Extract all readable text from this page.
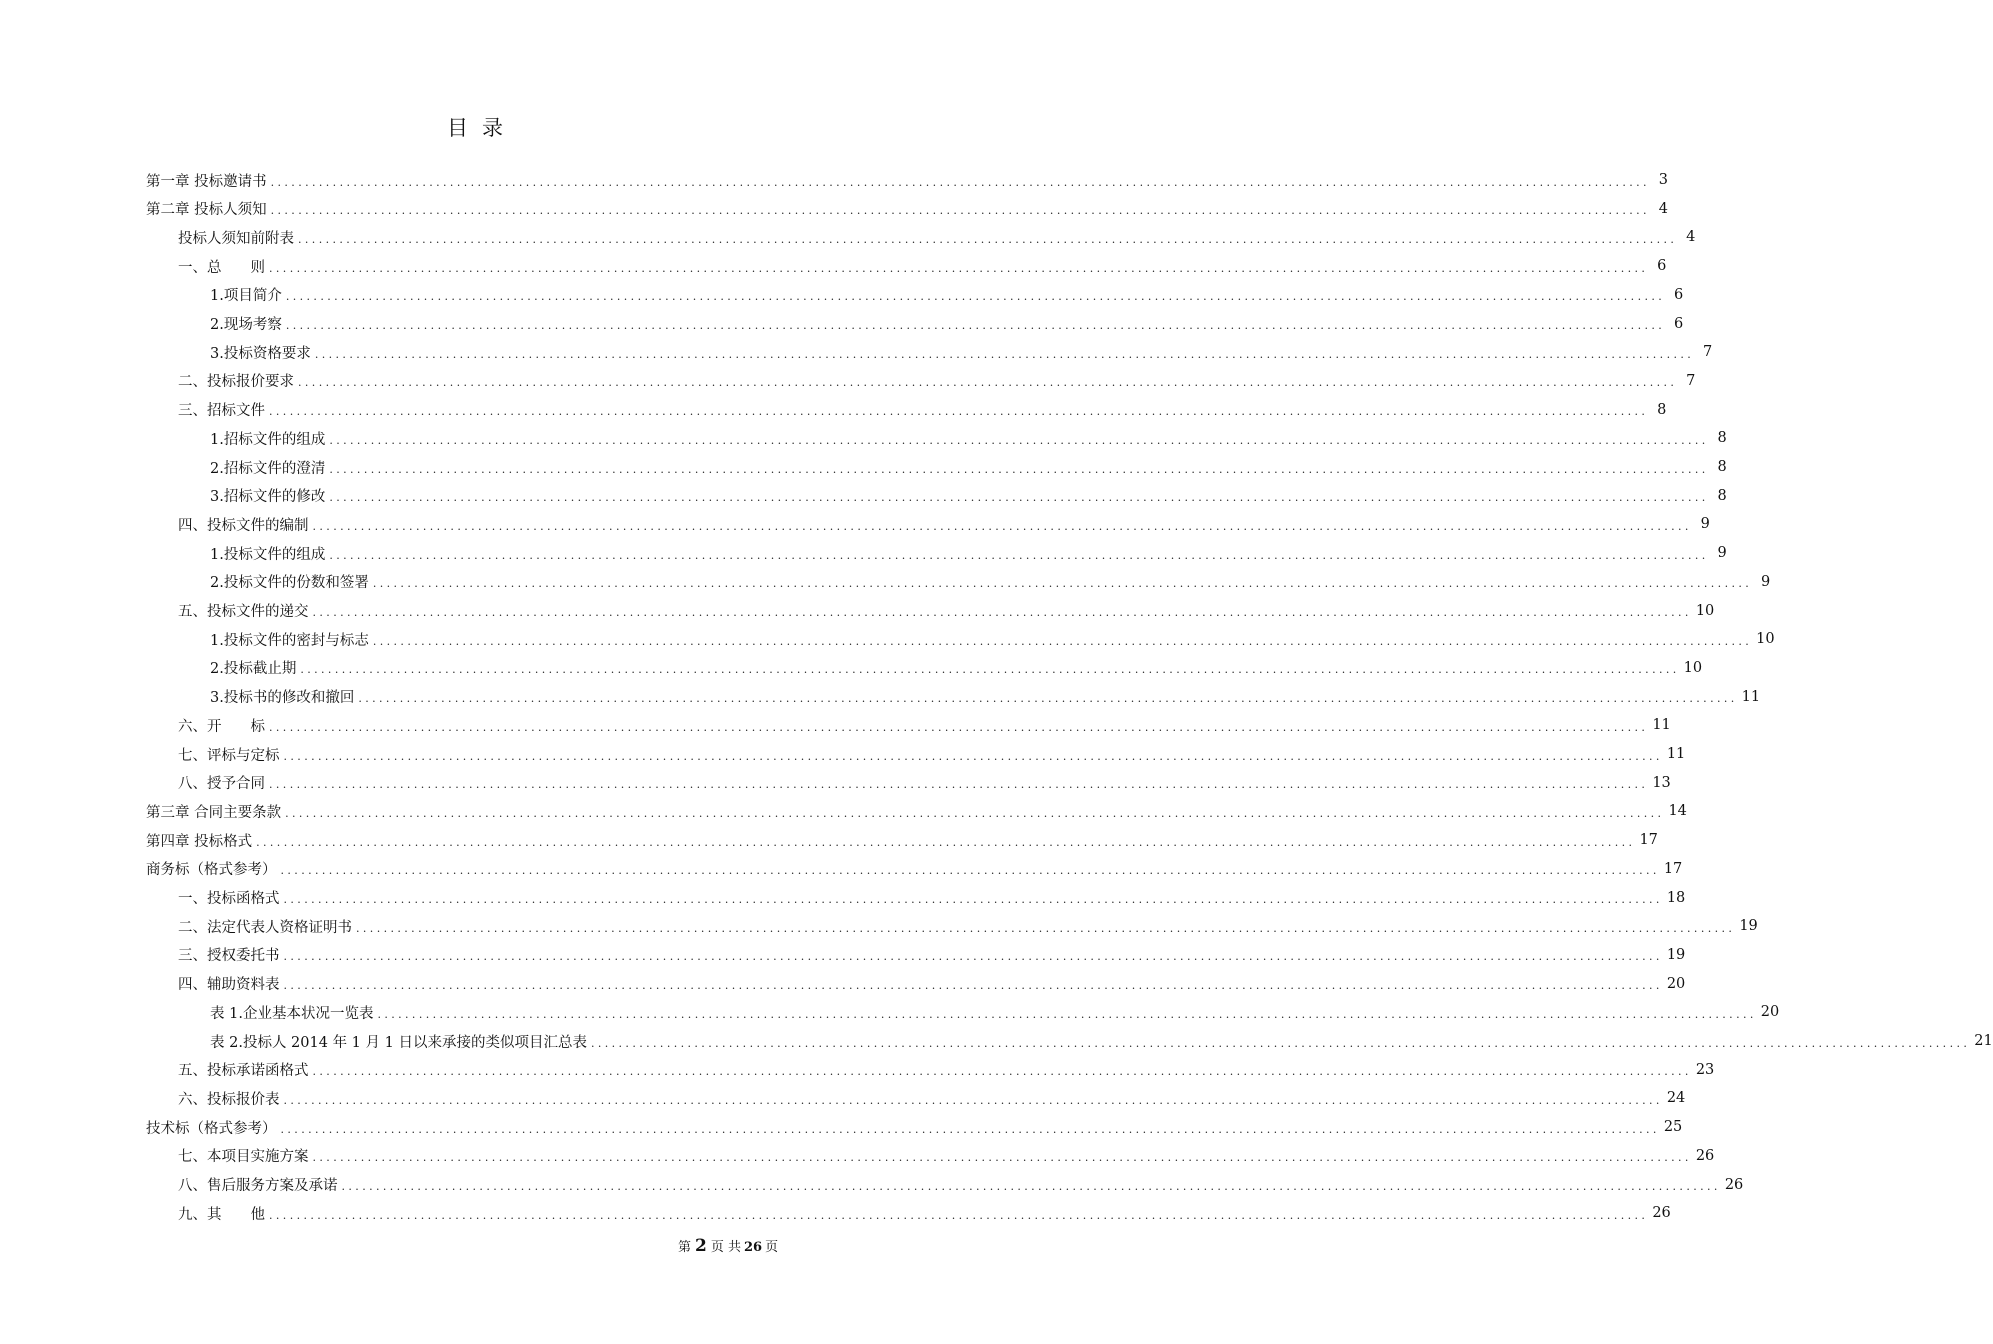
目录
第一章 投标邀请书 ........................................................................................................................................................................................................ 3
第二章 投标人须知 ........................................................................................................................................................................................................ 4
投标人须知前附表 ........................................................................................................................................................................................................ 4
一、总　　则 ........................................................................................................................................................................................................ 6
1.项目简介 ........................................................................................................................................................................................................ 6
2.现场考察 ........................................................................................................................................................................................................ 6
3.投标资格要求 ........................................................................................................................................................................................................ 7
二、投标报价要求 ........................................................................................................................................................................................................ 7
三、招标文件 ........................................................................................................................................................................................................ 8
1.招标文件的组成 ........................................................................................................................................................................................................ 8
2.招标文件的澄清 ........................................................................................................................................................................................................ 8
3.招标文件的修改 ........................................................................................................................................................................................................ 8
四、投标文件的编制 ........................................................................................................................................................................................................ 9
1.投标文件的组成 ........................................................................................................................................................................................................ 9
2.投标文件的份数和签署 ........................................................................................................................................................................................................ 9
五、投标文件的递交 ........................................................................................................................................................................................................ 10
1.投标文件的密封与标志 ........................................................................................................................................................................................................ 10
2.投标截止期 ........................................................................................................................................................................................................ 10
3.投标书的修改和撤回 ........................................................................................................................................................................................................ 11
六、开　　标 ........................................................................................................................................................................................................ 11
七、评标与定标 ........................................................................................................................................................................................................ 11
八、授予合同 ........................................................................................................................................................................................................ 13
第三章 合同主要条款 ........................................................................................................................................................................................................ 14
第四章 投标格式 ........................................................................................................................................................................................................ 17
商务标（格式参考） ........................................................................................................................................................................................................ 17
一、投标函格式 ........................................................................................................................................................................................................ 18
二、法定代表人资格证明书 ........................................................................................................................................................................................................ 19
三、授权委托书 ........................................................................................................................................................................................................ 19
四、辅助资料表 ........................................................................................................................................................................................................ 20
表 1.企业基本状况一览表 ........................................................................................................................................................................................................ 20
表 2.投标人 2014 年 1 月 1 日以来承接的类似项目汇总表 ........................................................................................................................................................................................................ 21
五、投标承诺函格式 ........................................................................................................................................................................................................ 23
六、投标报价表 ........................................................................................................................................................................................................ 24
技术标（格式参考） ........................................................................................................................................................................................................ 25
七、本项目实施方案 ........................................................................................................................................................................................................ 26
八、售后服务方案及承诺 ........................................................................................................................................................................................................ 26
九、其　　他 ........................................................................................................................................................................................................ 26
第 2 页 共 26 页
